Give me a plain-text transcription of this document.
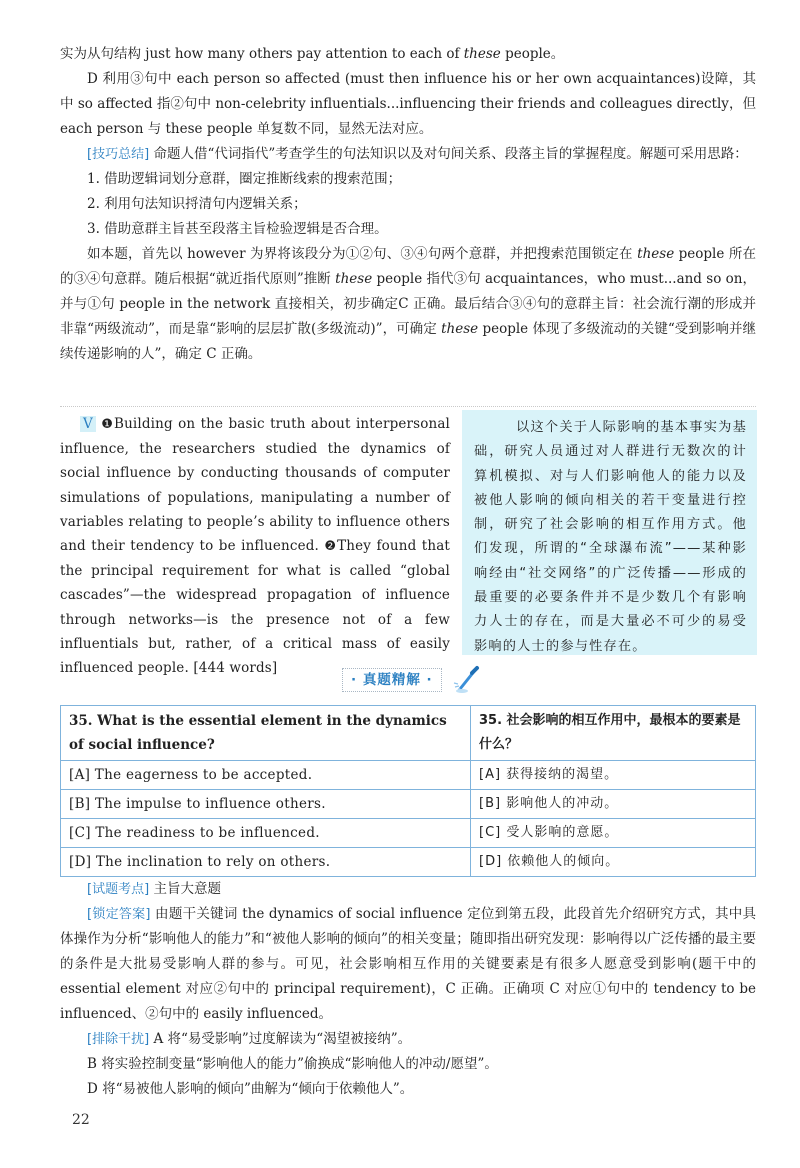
实为从句结构 just how many others pay attention to each of these people。

D 利用③句中 each person so affected (must then influence his or her own acquaintances)设障，其中 so affected 指②句中 non-celebrity influentials...influencing their friends and colleagues directly，但 each person 与 these people 单复数不同，显然无法对应。

[技巧总结] 命题人借“代词指代”考查学生的句法知识以及对句间关系、段落主旨的掌握程度。解题可采用思路：

1. 借助逻辑词划分意群，圈定推断线索的搜索范围；

2. 利用句法知识捋清句内逻辑关系；

3. 借助意群主旨甚至段落主旨检验逻辑是否合理。

如本题，首先以 however 为界将该段分为①②句、③④句两个意群，并把搜索范围锁定在 these people 所在的③④句意群。随后根据“就近指代原则”推断 these people 指代③句 acquaintances，who must...and so on，并与①句 people in the network 直接相关，初步确定C 正确。最后结合③④句的意群主旨：社会流行潮的形成并非靠“两级流动”，而是靠“影响的层层扩散(多级流动)”，可确定 these people 体现了多级流动的关键“受到影响并继续传递影响的人”，确定 C 正确。

V ❶Building on the basic truth about interpersonal influence, the researchers studied the dynamics of social influence by conducting thousands of computer simulations of populations, manipulating a number of variables relating to people’s ability to influence others and their tendency to be influenced. ❷They found that the principal requirement for what is called “global cascades”—the widespread propagation of influence through networks—is the presence not of a few influentials but, rather, of a critical mass of easily influenced people. [444 words]

以这个关于人际影响的基本事实为基础，研究人员通过对人群进行无数次的计算机模拟、对与人们影响他人的能力以及被他人影响的倾向相关的若干变量进行控制，研究了社会影响的相互作用方式。他们发现，所谓的“全球瀑布流”——某种影响经由“社交网络”的广泛传播——形成的最重要的必要条件并不是少数几个有影响力人士的存在，而是大量必不可少的易受影响的人士的参与性存在。

· 真题精解 ·
35. What is the essential element in the dynamics of social influence?	35. 社会影响的相互作用中，最根本的要素是什么？
[A] The eagerness to be accepted.	[A] 获得接纳的渴望。
[B] The impulse to influence others.	[B] 影响他人的冲动。
[C] The readiness to be influenced.	[C] 受人影响的意愿。
[D] The inclination to rely on others.	[D] 依赖他人的倾向。

[试题考点] 主旨大意题

[锁定答案] 由题干关键词 the dynamics of social influence 定位到第五段，此段首先介绍研究方式，其中具体操作为分析“影响他人的能力”和“被他人影响的倾向”的相关变量；随即指出研究发现：影响得以广泛传播的最主要的条件是大批易受影响人群的参与。可见，社会影响相互作用的关键要素是有很多人愿意受到影响(题干中的 essential element 对应②句中的 principal requirement)，C 正确。正确项 C 对应①句中的 tendency to be influenced、②句中的 easily influenced。

[排除干扰] A 将“易受影响”过度解读为“渴望被接纳”。

B 将实验控制变量“影响他人的能力”偷换成“影响他人的冲动/愿望”。

D 将“易被他人影响的倾向”曲解为“倾向于依赖他人”。

22
